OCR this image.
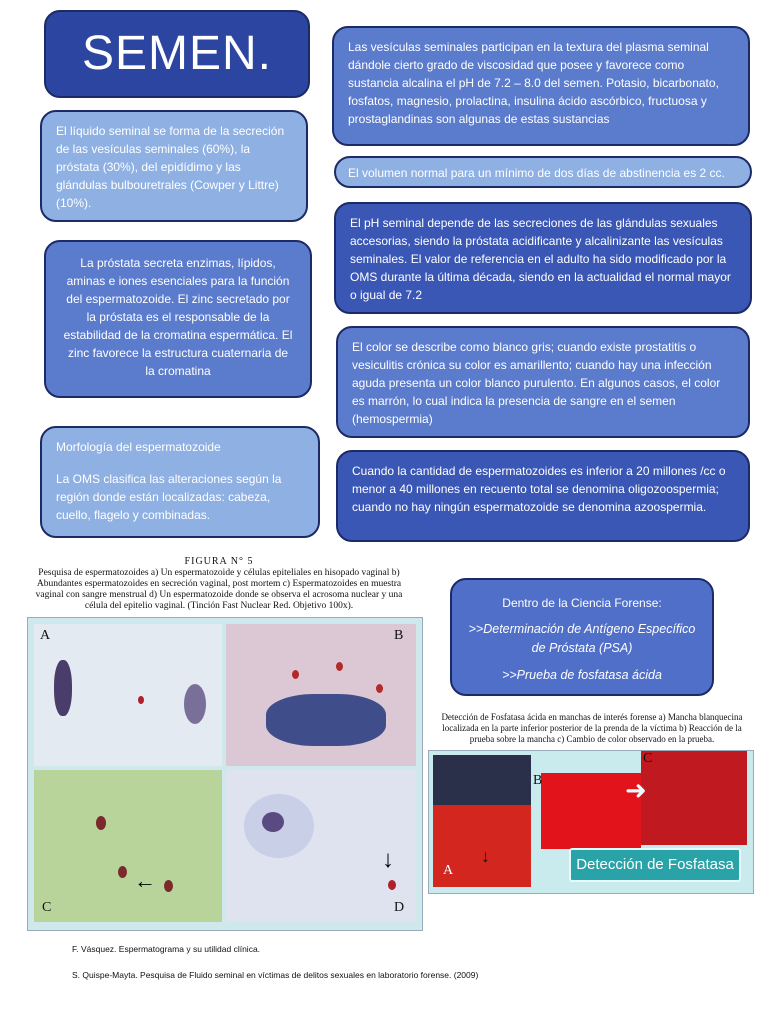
SEMEN.
El líquido seminal se forma de la secreción de las vesículas seminales (60%), la próstata (30%), del epidídimo y las glándulas bulbouretrales (Cowper y Littre) (10%).
La próstata secreta enzimas, lípidos, aminas e iones esenciales para la función del espermatozoide. El zinc secretado por la próstata es el responsable de la estabilidad de la cromatina espermática. El zinc favorece la estructura cuaternaria de la cromatina
Morfología del espermatozoide
La OMS clasifica las alteraciones según la región donde están localizadas: cabeza, cuello, flagelo y combinadas.
Las vesículas seminales participan en la textura del plasma seminal dándole cierto grado de viscosidad que posee y favorece como sustancia alcalina el pH de 7.2 – 8.0 del semen. Potasio, bicarbonato, fosfatos, magnesio, prolactina, insulina ácido ascórbico, fructuosa y prostaglandinas son algunas de estas sustancias
El volumen normal para un mínimo de dos días de abstinencia es 2 cc.
El pH seminal depende de las secreciones de las glándulas sexuales accesorias, siendo la próstata acidificante y alcalinizante las vesículas seminales. El valor de referencia en el adulto ha sido modificado por la OMS durante la última década, siendo en la actualidad el normal mayor o igual de 7.2
El color se describe como blanco gris; cuando existe prostatitis o vesiculitis crónica su color es amarillento; cuando hay una infección aguda presenta un color blanco purulento. En algunos casos, el color es marrón, lo cual indica la presencia de sangre en el semen (hemospermia)
Cuando la cantidad de espermatozoides es inferior a 20 millones /cc o menor a 40 millones en recuento total se denomina oligozoospermia; cuando no hay ningún espermatozoide se denomina azoospermia.
FIGURA N° 5
Pesquisa de espermatozoides a) Un espermatozoide y células epiteliales en hisopado vaginal b) Abundantes espermatozoides en secreción vaginal, post mortem c) Espermatozoides en muestra vaginal con sangre menstrual d) Un espermatozoide donde se observa el acrosoma nuclear y una célula del epitelio vaginal. (Tinción Fast Nuclear Red. Objetivo 100x).
A	B
←
C
↓
D

Dentro de la Ciencia Forense:

>>Determinación de Antígeno Específico de Próstata (PSA)

>>Prueba de fosfatasa ácida

Detección de Fosfatasa ácida en manchas de interés forense a) Mancha blanquecina localizada en la parte inferior posterior de la prenda de la víctima b) Reacción de la prueba sobre la mancha c) Cambio de color observado en la prueba.
↓
A
B
C
➜
Detección de Fosfatasa
F. Vásquez. Espermatograma y su utilidad clínica.
S. Quispe-Mayta. Pesquisa de Fluido seminal en víctimas de delitos sexuales en laboratorio forense. (2009)
